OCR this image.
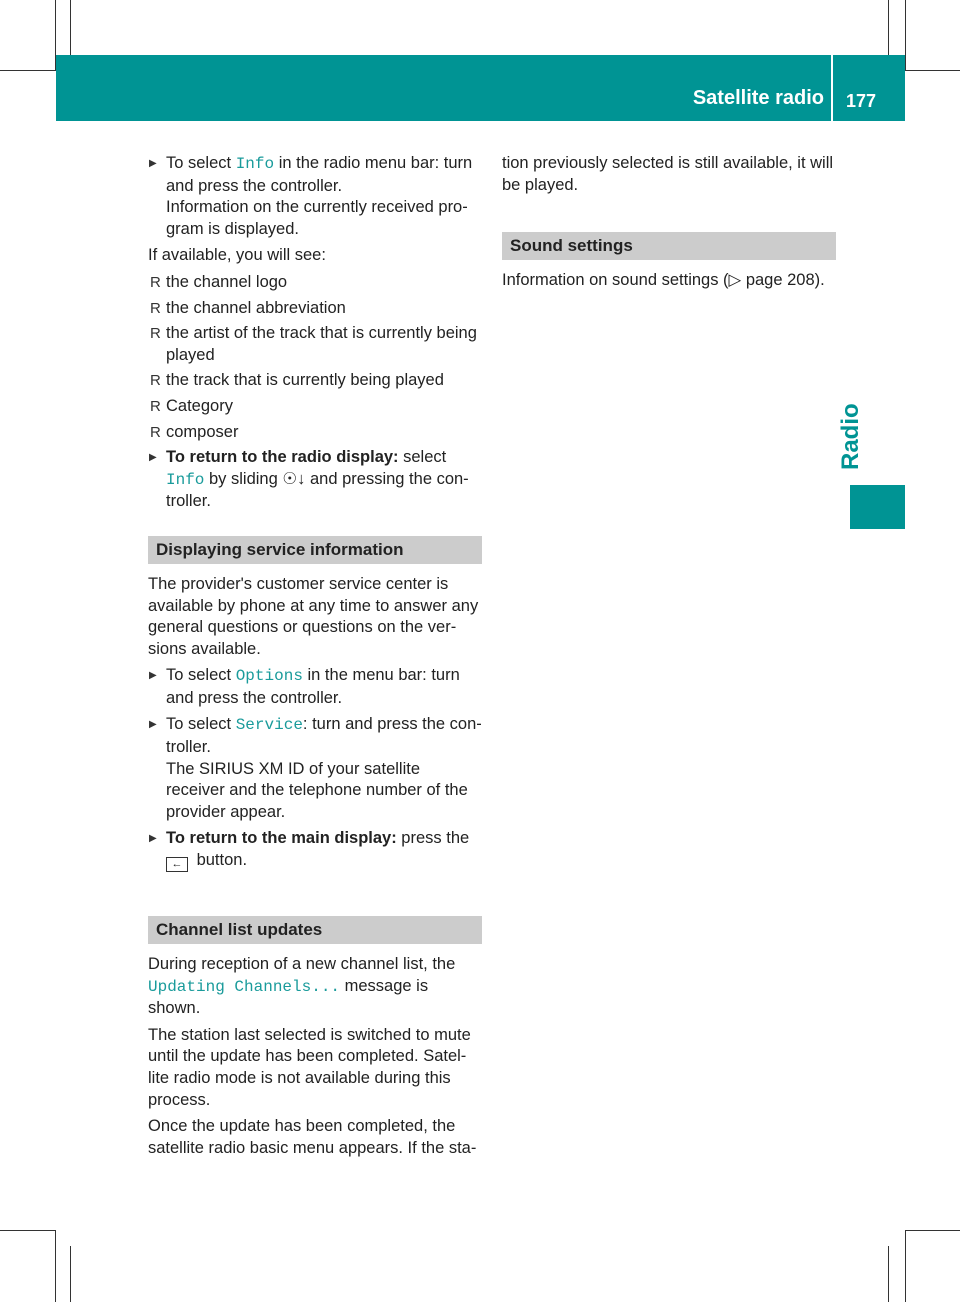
Satellite radio 177
Radio
▶ To select Info in the radio menu bar: turn and press the controller.
Information on the currently received pro-gram is displayed.

If available, you will see:

R the channel logo
R the channel abbreviation
R the artist of the track that is currently being played
R the track that is currently being played
R Category
R composer
▶ To return to the radio display: select
Info by sliding ☉↓ and pressing the con-troller.
Displaying service information

The provider's customer service center is available by phone at any time to answer any general questions or questions on the ver-sions available.

▶ To select Options in the menu bar: turn and press the controller.
▶ To select Service: turn and press the con-troller.
The SIRIUS XM ID of your satellite receiver and the telephone number of the provider appear.
▶ To return to the main display: press the
← button.
Channel list updates

During reception of a new channel list, the Updating Channels... message is shown.

The station last selected is switched to mute until the update has been completed. Satel-lite radio mode is not available during this process.

Once the update has been completed, the satellite radio basic menu appears. If the sta-

tion previously selected is still available, it will be played.

Sound settings

Information on sound settings (▷ page 208).
